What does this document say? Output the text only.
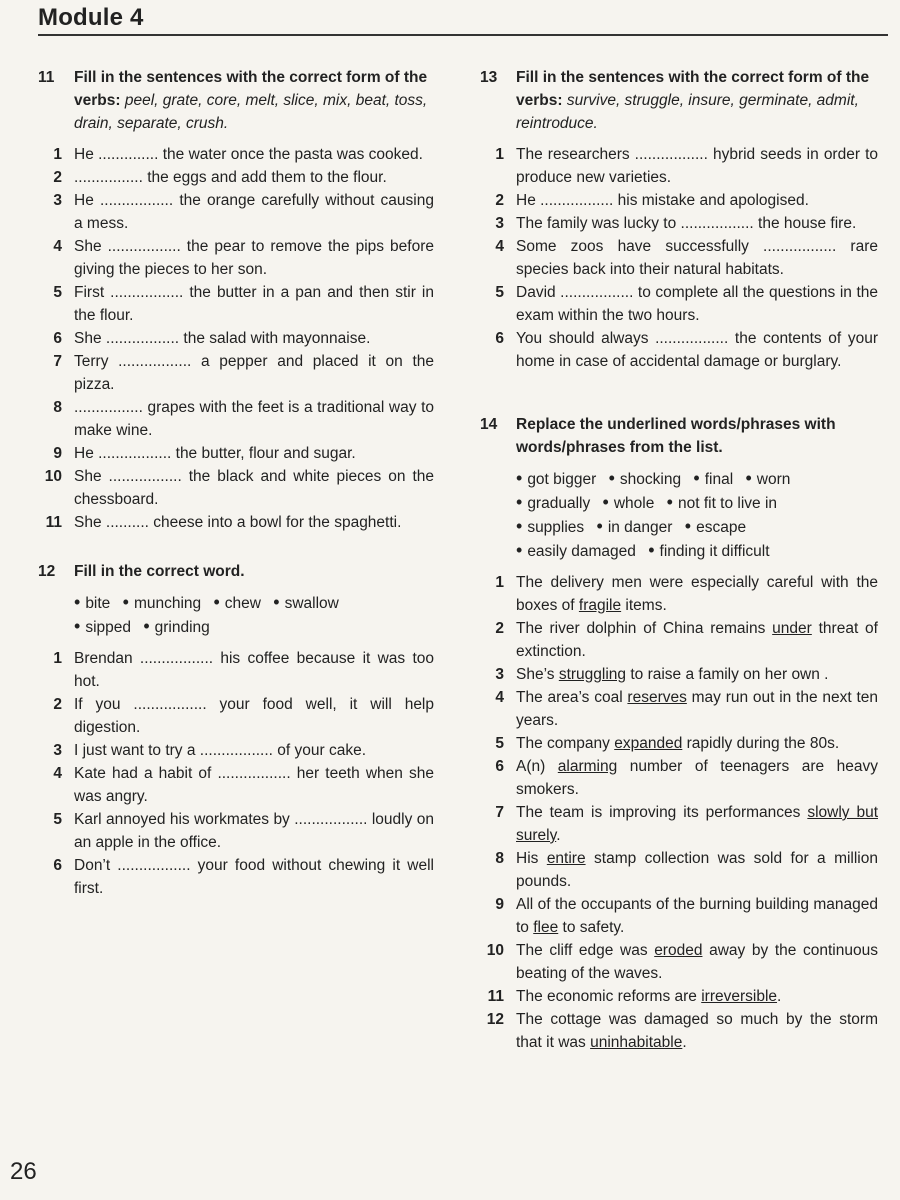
Module 4
11 Fill in the sentences with the correct form of the verbs: peel, grate, core, melt, slice, mix, beat, toss, drain, separate, crush.
1 He .............. the water once the pasta was cooked.
2 ................ the eggs and add them to the flour.
3 He ................. the orange carefully without causing a mess.
4 She ................. the pear to remove the pips before giving the pieces to her son.
5 First ................. the butter in a pan and then stir in the flour.
6 She ................. the salad with mayonnaise.
7 Terry ................. a pepper and placed it on the pizza.
8 ................ grapes with the feet is a traditional way to make wine.
9 He ................. the butter, flour and sugar.
10 She ................. the black and white pieces on the chessboard.
11 She .......... cheese into a bowl for the spaghetti.
12 Fill in the correct word.
• bite • munching • chew • swallow
• sipped • grinding
1 Brendan ................. his coffee because it was too hot.
2 If you ................. your food well, it will help digestion.
3 I just want to try a ................. of your cake.
4 Kate had a habit of ................. her teeth when she was angry.
5 Karl annoyed his workmates by ................. loudly on an apple in the office.
6 Don’t ................. your food without chewing it well first.
13 Fill in the sentences with the correct form of the verbs: survive, struggle, insure, germinate, admit, reintroduce.
1 The researchers ................. hybrid seeds in order to produce new varieties.
2 He ................. his mistake and apologised.
3 The family was lucky to ................. the house fire.
4 Some zoos have successfully ................. rare species back into their natural habitats.
5 David ................. to complete all the questions in the exam within the two hours.
6 You should always ................. the contents of your home in case of accidental damage or burglary.
14 Replace the underlined words/phrases with words/phrases from the list.
• got bigger • shocking • final • worn
• gradually • whole • not fit to live in
• supplies • in danger • escape
• easily damaged • finding it difficult
1 The delivery men were especially careful with the boxes of fragile items.
2 The river dolphin of China remains under threat of extinction.
3 She’s struggling to raise a family on her own .
4 The area’s coal reserves may run out in the next ten years.
5 The company expanded rapidly during the 80s.
6 A(n) alarming number of teenagers are heavy smokers.
7 The team is improving its performances slowly but surely.
8 His entire stamp collection was sold for a million pounds.
9 All of the occupants of the burning building managed to flee to safety.
10 The cliff edge was eroded away by the continuous beating of the waves.
11 The economic reforms are irreversible.
12 The cottage was damaged so much by the storm that it was uninhabitable.
26
